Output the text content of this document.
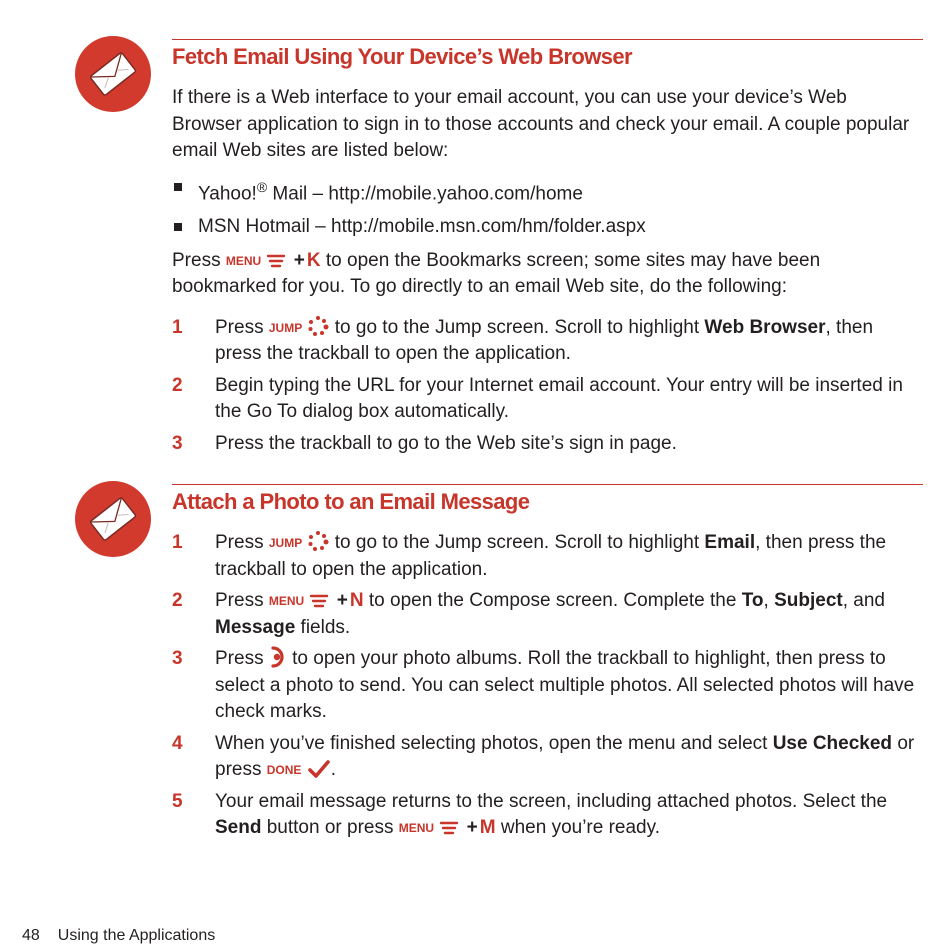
Fetch Email Using Your Device’s Web Browser

If there is a Web interface to your email account, you can use your device’s Web Browser application to sign in to those accounts and check your email. A couple popular email Web sites are listed below:

Yahoo!® Mail – http://mobile.yahoo.com/home
MSN Hotmail – http://mobile.msn.com/hm/folder.aspx

Press MENU + K to open the Bookmarks screen; some sites may have been bookmarked for you. To go directly to an email Web site, do the following:

1 Press JUMP  to go to the Jump screen. Scroll to highlight Web Browser, then press the trackball to open the application.
2 Begin typing the URL for your Internet email account. Your entry will be inserted in the Go To dialog box automatically.
3 Press the trackball to go to the Web site’s sign in page.
Attach a Photo to an Email Message
1 Press JUMP  to go to the Jump screen. Scroll to highlight Email, then press the trackball to open the application.
2 Press MENU + N to open the Compose screen. Complete the To, Subject, and Message fields.
3 Press  to open your photo albums. Roll the trackball to highlight, then press to select a photo to send. You can select multiple photos. All selected photos will have check marks.
4 When you’ve finished selecting photos, open the menu and select Use Checked or press DONE .
5 Your email message returns to the screen, including attached photos. Select the Send button or press MENU + M when you’re ready.
48 Using the Applications
